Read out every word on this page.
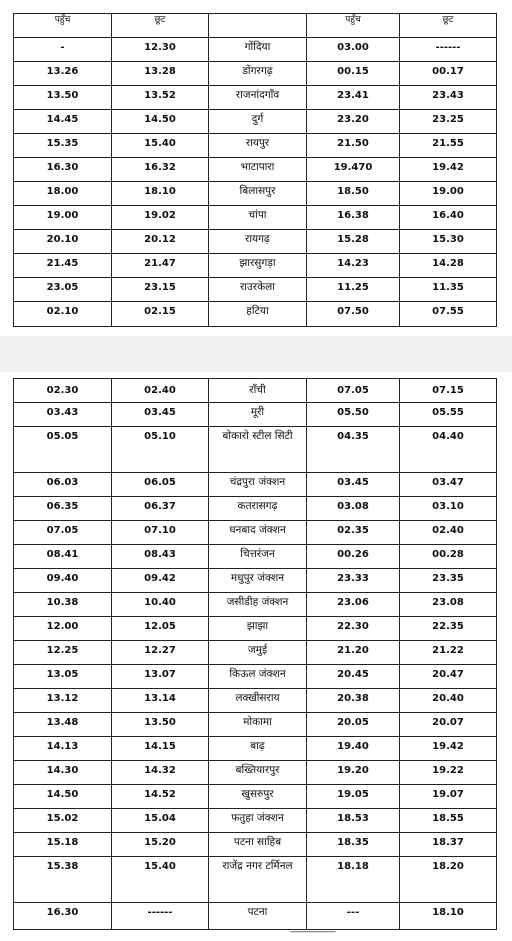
पहुँच	छूट		पहुँच	छूट
-	12.30	गोंदिया	03.00	------
13.26	13.28	डोंगरगढ़	00.15	00.17
13.50	13.52	राजनांदगाँव	23.41	23.43
14.45	14.50	दुर्ग	23.20	23.25
15.35	15.40	रायपुर	21.50	21.55
16.30	16.32	भाटापारा	19.470	19.42
18.00	18.10	बिलासपुर	18.50	19.00
19.00	19.02	चांपा	16.38	16.40
20.10	20.12	रायगढ़	15.28	15.30
21.45	21.47	झारसुगड़ा	14.23	14.28
23.05	23.15	राउरकेला	11.25	11.35
02.10	02.15	हटिया	07.50	07.55
02.30	02.40	राँची	07.05	07.15
03.43	03.45	मूरी	05.50	05.55
05.05	05.10	बोकारो स्टील सिटी	04.35	04.40
06.03	06.05	चंद्रपुरा जंक्शन	03.45	03.47
06.35	06.37	कतरासगढ़	03.08	03.10
07.05	07.10	धनबाद जंक्शन	02.35	02.40
08.41	08.43	चित्तरंजन	00.26	00.28
09.40	09.42	मधुपुर जंक्शन	23.33	23.35
10.38	10.40	जसीडीह जंक्शन	23.06	23.08
12.00	12.05	झाझा	22.30	22.35
12.25	12.27	जमुई	21.20	21.22
13.05	13.07	किऊल जंक्शन	20.45	20.47
13.12	13.14	लक्खीसराय	20.38	20.40
13.48	13.50	मोकामा	20.05	20.07
14.13	14.15	बाढ़	19.40	19.42
14.30	14.32	बख्तियारपुर	19.20	19.22
14.50	14.52	खुसरुपुर	19.05	19.07
15.02	15.04	फतुहा जंक्शन	18.53	18.55
15.18	15.20	पटना साहिब	18.35	18.37
15.38	15.40	राजेंद्र नगर टर्मिनल	18.18	18.20
16.30	------	पटना	---	18.10
--------------------
